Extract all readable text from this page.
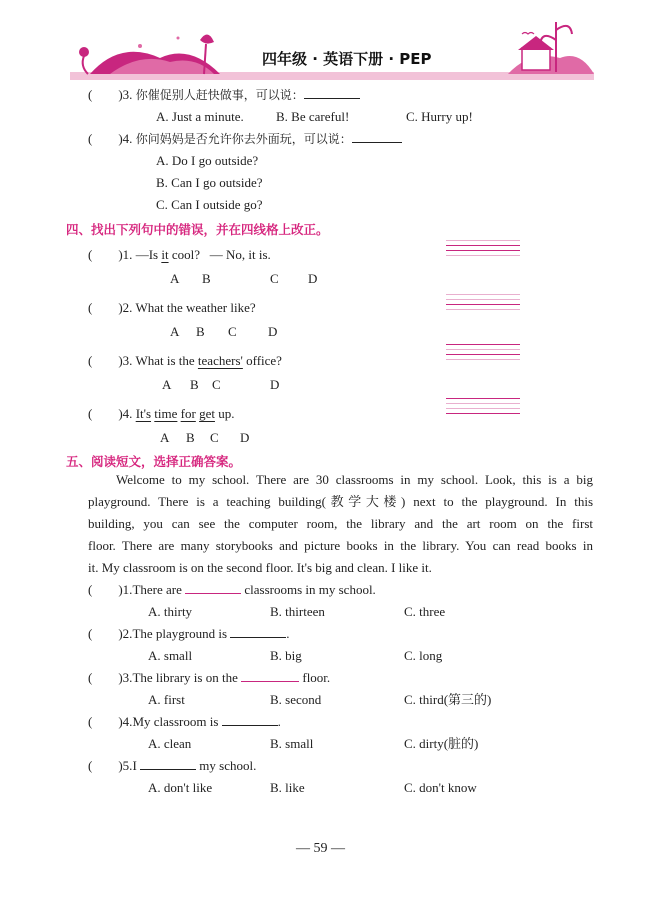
四年级 · 英语下册 · PEP
(        )3. 你催促别人赶快做事，可以说：
A. Just a minute. B. Be careful!	C. Hurry up!
(        )4. 你问妈妈是否允许你去外面玩，可以说：
A. Do I go outside?
B. Can I go outside?
C. Can I outside go?
四、找出下列句中的错误，并在四线格上改正。
(        )1. —Is it cool? — No, it is.
A B	C D
(        )2. What the weather like?
A B C D
(        )3. What is the teachers' office?
A B C	D
(        )4. It's time for get up.
A B C D
五、阅读短文，选择正确答案。
Welcome to my school. There are 30 classrooms in my school. Look, this is a big
playground. There is a teaching building(教学大楼) next to the playground. In this
building, you can see the computer room, the library and the art room on the first
floor. There are many storybooks and picture books in the library. You can read books in
it. My classroom is on the second floor. It's big and clean. I like it.
(        )1.There are	classrooms in my school.
A. thirty	B. thirteen	C. three
(        )2.The playground is	.
A. small	B. big	C. long
(        )3.The library is on the	floor.
A. first	B. second	C. third(第三的)
(        )4.My classroom is	.
A. clean	B. small	C. dirty(脏的)
(        )5.I	my school.
A. don't like	B. like	C. don't know
— 59 —
